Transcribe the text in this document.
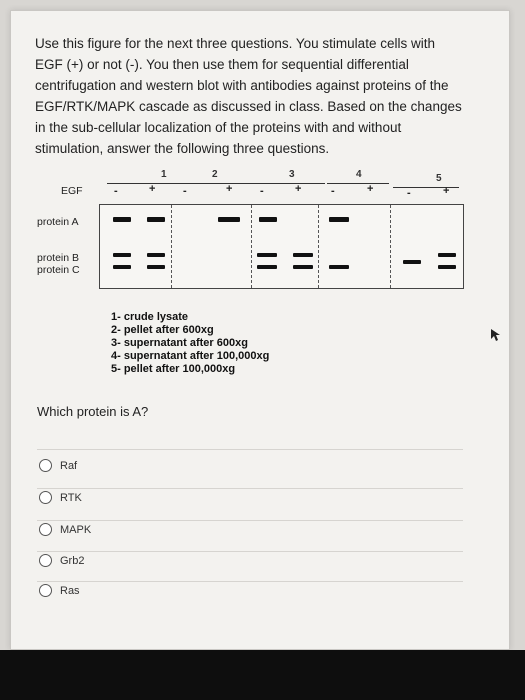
Use this figure for the next three questions. You stimulate cells with
EGF (+) or not (-). You then use them for sequential differential
centrifugation and western blot with antibodies against proteins of the
EGF/RTK/MAPK cascade as discussed in class. Based on the changes
in the sub-cellular localization of the proteins with and without
stimulation, answer the following three questions.
1	2	3	4	5
EGF	-	+	-	+	-	+	-	+	-	+
protein A
protein B
protein C
1- crude lysate
2- pellet after 600xg
3- supernatant after 600xg
4- supernatant after 100,000xg
5- pellet after 100,000xg
Which protein is A?
Raf
RTK
MAPK
Grb2
Ras
